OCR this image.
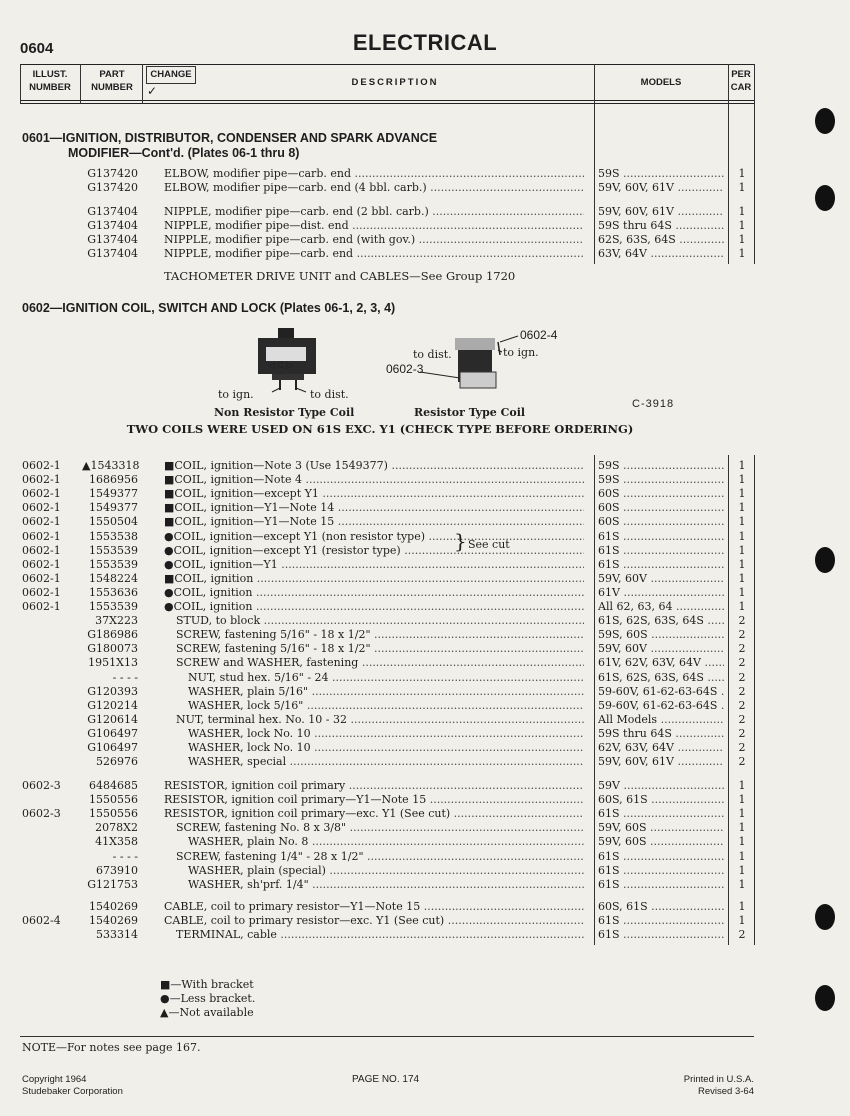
0604	ELECTRICAL
ILLUST.
NUMBER
PART
NUMBER
CHANGE
✓
DESCRIPTION	MODELS
PER
CAR
0601—IGNITION, DISTRIBUTOR, CONDENSER AND SPARK ADVANCE
MODIFIER—Cont'd. (Plates 06-1 thru 8)
G137420 ELBOW, modifier pipe—carb. end .....	59S .....	1
G137420 ELBOW, modifier pipe—carb. end (4 bbl. carb.) .....	59V, 60V, 61V .....	1
G137404 NIPPLE, modifier pipe—carb. end (2 bbl. carb.) .....	59V, 60V, 61V .....	1
G137404 NIPPLE, modifier pipe—dist. end .....	59S thru 64S .....	1
G137404 NIPPLE, modifier pipe—carb. end (with gov.) .....	62S, 63S, 64S .....	1
G137404 NIPPLE, modifier pipe—carb. end .....	63V, 64V .....	1
TACHOMETER DRIVE UNIT and CABLES—See Group 1720
0602—IGNITION COIL, SWITCH AND LOCK (Plates 06-1, 2, 3, 4)
◁ C ▷
to ign.	to dist.
Non Resistor Type Coil
to dist.	to ign.
0602-4
0602-3
Resistor Type Coil
C-3918
TWO COILS WERE USED ON 61S EXC. Y1 (CHECK TYPE BEFORE ORDERING)
0602-1 ▲1543318 ■COIL, ignition—Note 3 (Use 1549377) .....	59S .....	1
0602-1	1686956 ■COIL, ignition—Note 4 .....	59S .....	1
0602-1	1549377 ■COIL, ignition—except Y1 .....	60S .....	1
0602-1	1549377 ■COIL, ignition—Y1—Note 14 .....	60S .....	1
0602-1	1550504 ■COIL, ignition—Y1—Note 15 .....	60S .....	1
0602-1	1553538 ●COIL, ignition—except Y1 (non resistor type) .....	61S .....	1
0602-1	1553539 ●COIL, ignition—except Y1 (resistor type) .....	61S .....	1
0602-1	1553539 ●COIL, ignition—Y1 .....	61S .....	1
0602-1	1548224 ■COIL, ignition .....	59V, 60V .....	1
0602-1	1553636 ●COIL, ignition .....	61V .....	1
0602-1	1553539 ●COIL, ignition .....	All 62, 63, 64 .....	1
37X223	STUD, to block .....	61S, 62S, 63S, 64S .....	2
G186986	SCREW, fastening 5/16" - 18 x 1/2" .....	59S, 60S .....	2
G180073	SCREW, fastening 5/16" - 18 x 1/2" .....	59V, 60V .....	2
1951X13	SCREW and WASHER, fastening .....	61V, 62V, 63V, 64V .....	2
- - - -	NUT, stud hex. 5/16" - 24 .....	61S, 62S, 63S, 64S .....	2
G120393	WASHER, plain 5/16" .....	59-60V, 61-62-63-64S .....	2
G120214	WASHER, lock 5/16" .....	59-60V, 61-62-63-64S .....	2
G120614	NUT, terminal hex. No. 10 - 32 .....	All Models .....	2
G106497	WASHER, lock No. 10 .....	59S thru 64S .....	2
G106497	WASHER, lock No. 10 .....	62V, 63V, 64V .....	2
526976	WASHER, special .....	59V, 60V, 61V .....	2
0602-3	6484685 RESISTOR, ignition coil primary .....	59V .....	1
1550556 RESISTOR, ignition coil primary—Y1—Note 15 .....	60S, 61S .....	1
0602-3	1550556 RESISTOR, ignition coil primary—exc. Y1 (See cut) .....	61S .....	1
2078X2	SCREW, fastening No. 8 x 3/8" .....	59V, 60S .....	1
41X358	WASHER, plain No. 8 .....	59V, 60S .....	1
- - - -	SCREW, fastening 1/4" - 28 x 1/2" .....	61S .....	1
673910	WASHER, plain (special) .....	61S .....	1
G121753	WASHER, sh'prf. 1/4" .....	61S .....	1
1540269 CABLE, coil to primary resistor—Y1—Note 15 .....	60S, 61S .....	1
0602-4	1540269 CABLE, coil to primary resistor—exc. Y1 (See cut) .....	61S .....	1
533314	TERMINAL, cable .....	61S .....	2
} See cut
■—With bracket
●—Less bracket.
▲—Not available
NOTE—For notes see page 167.
Copyright 1964
Studebaker Corporation
PAGE NO. 174	Printed in U.S.A.
Revised 3-64
